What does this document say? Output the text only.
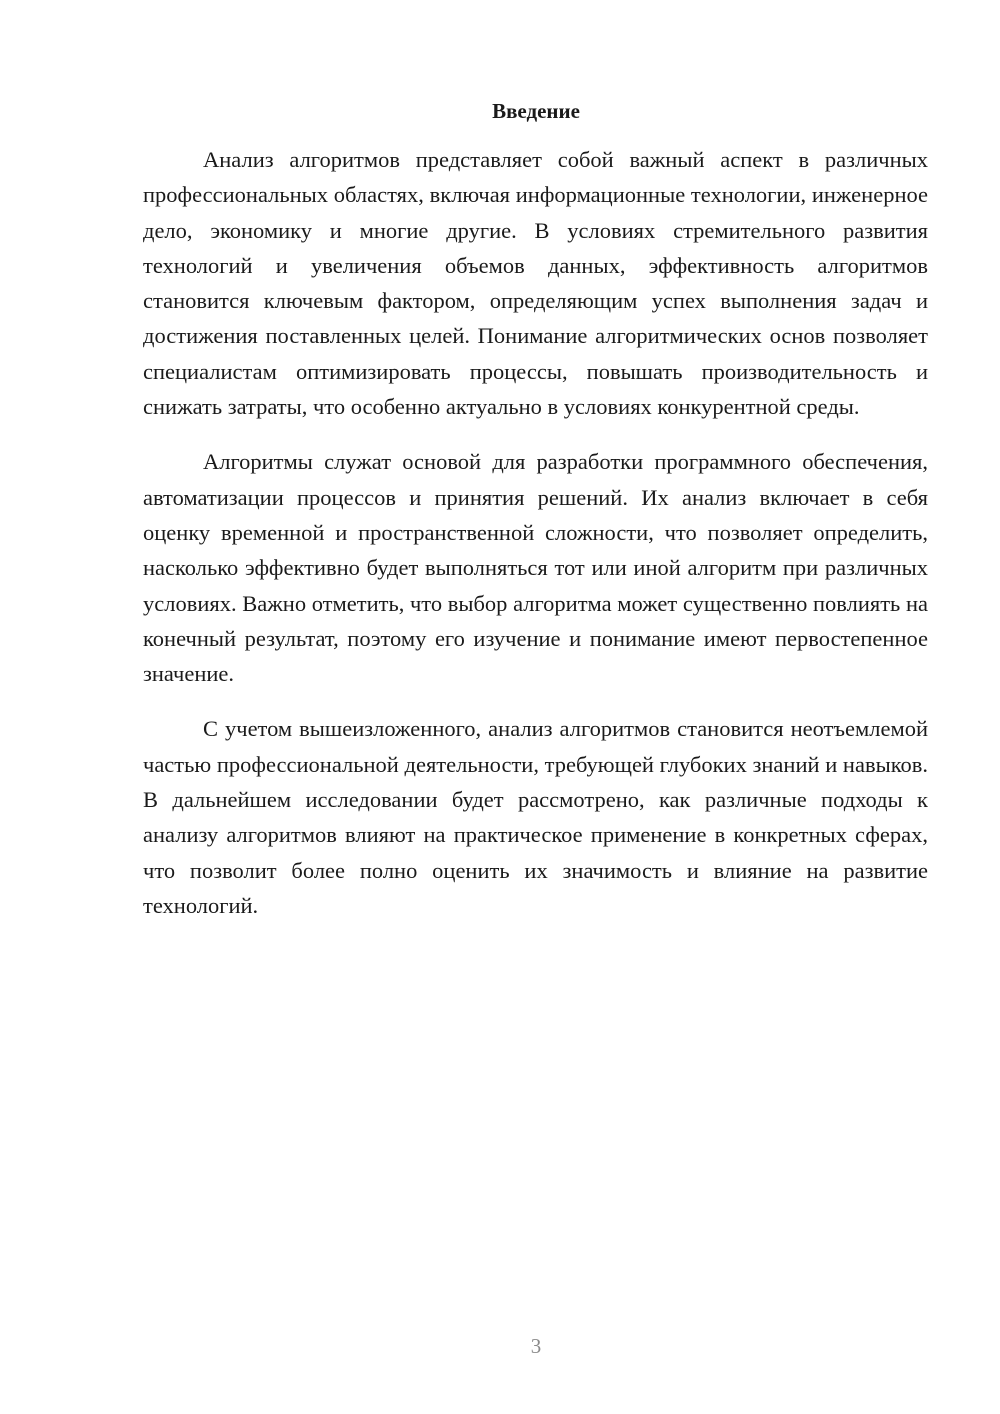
Введение

Анализ алгоритмов представляет собой важный аспект в различных профессиональных областях, включая информационные технологии, инженерное дело, экономику и многие другие. В условиях стремительного развития технологий и увеличения объемов данных, эффективность алгоритмов становится ключевым фактором, определяющим успех выполнения задач и достижения поставленных целей. Понимание алгоритмических основ позволяет специалистам оптимизировать процессы, повышать производительность и снижать затраты, что особенно актуально в условиях конкурентной среды.

Алгоритмы служат основой для разработки программного обеспечения, автоматизации процессов и принятия решений. Их анализ включает в себя оценку временной и пространственной сложности, что позволяет определить, насколько эффективно будет выполняться тот или иной алгоритм при различных условиях. Важно отметить, что выбор алгоритма может существенно повлиять на конечный результат, поэтому его изучение и понимание имеют первостепенное значение.

С учетом вышеизложенного, анализ алгоритмов становится неотъемлемой частью профессиональной деятельности, требующей глубоких знаний и навыков. В дальнейшем исследовании будет рассмотрено, как различные подходы к анализу алгоритмов влияют на практическое применение в конкретных сферах, что позволит более полно оценить их значимость и влияние на развитие технологий.

3
